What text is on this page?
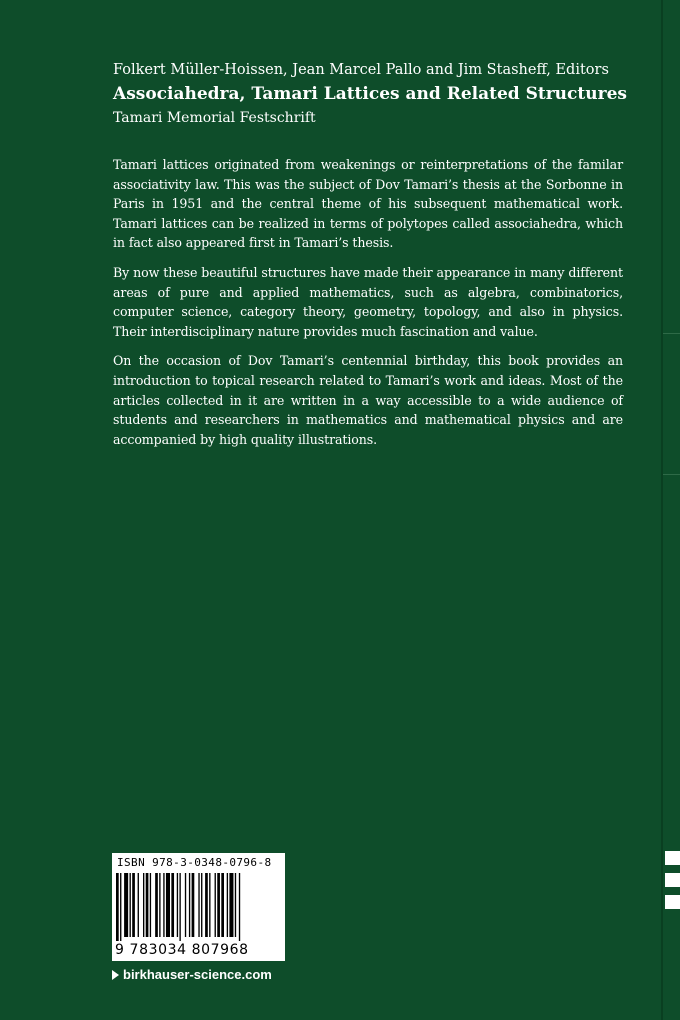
Folkert Müller-Hoissen, Jean Marcel Pallo and Jim Stasheff, Editors

Associahedra, Tamari Lattices and Related Structures

Tamari Memorial Festschrift

Tamari lattices originated from weakenings or reinterpretations of the familar associativity law. This was the subject of Dov Tamari’s thesis at the Sorbonne in Paris in 1951 and the central theme of his subsequent mathematical work. Tamari lattices can be realized in terms of polytopes called associahedra, which in fact also appeared first in Tamari’s thesis.

By now these beautiful structures have made their appearance in many different areas of pure and applied mathematics, such as algebra, combinatorics, computer science, category theory, geometry, topology, and also in physics. Their interdisciplinary nature provides much fascination and value.

On the occasion of Dov Tamari’s centennial birthday, this book provides an introduction to topical research related to Tamari’s work and ideas. Most of the articles collected in it are written in a way accessible to a wide audience of students and researchers in mathematics and mathematical physics and are accompanied by high quality illustrations.

ISBN 978-3-0348-0796-8
9 783034 807968
birkhauser-science.com
